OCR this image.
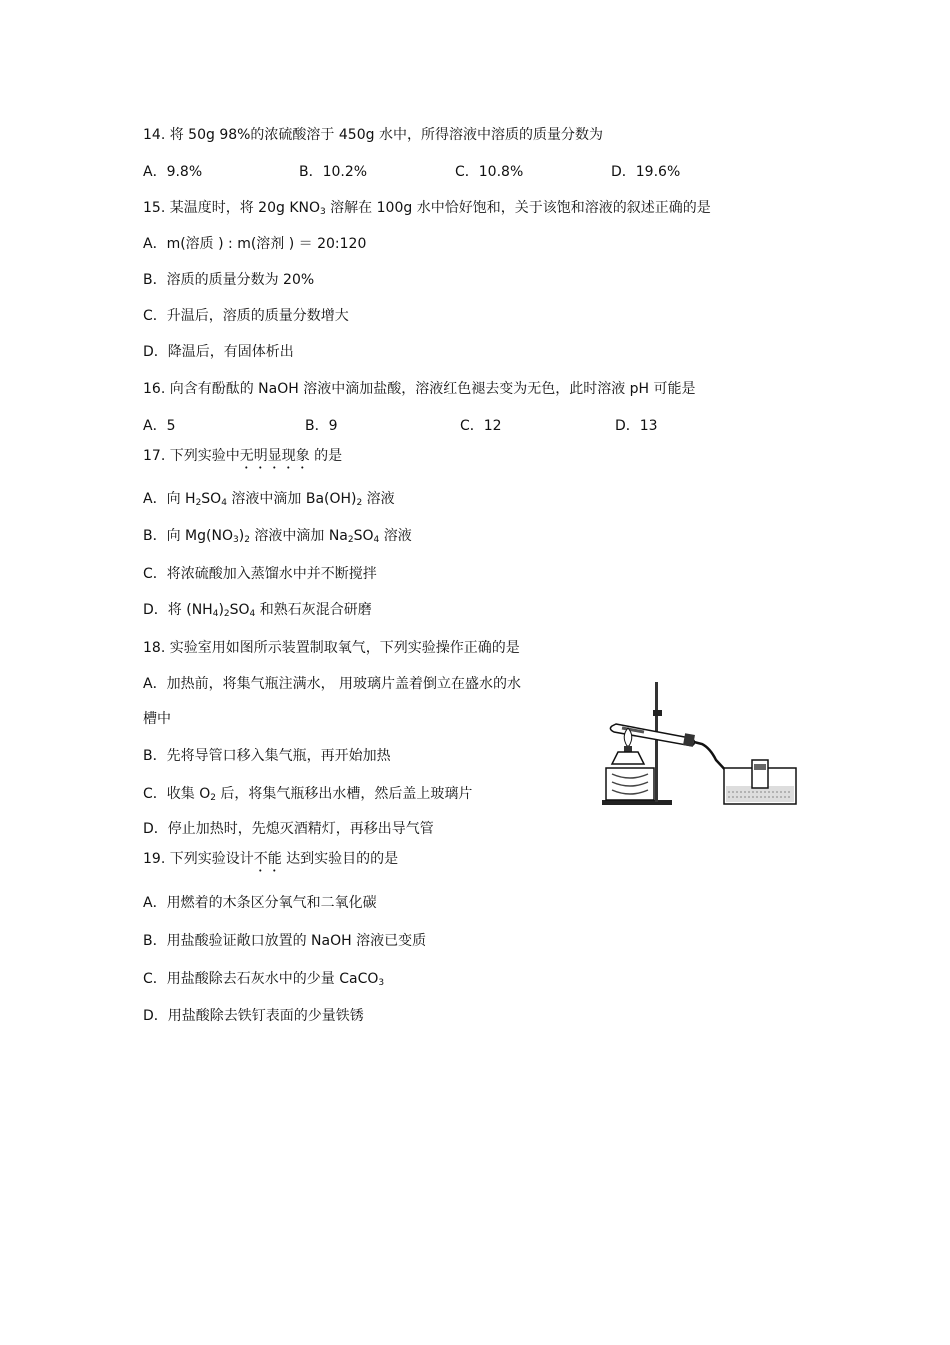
14. 将 50g 98%的浓硫酸溶于 450g 水中，所得溶液中溶质的质量分数为
A．9.8%	B．10.2%	C．10.8%	D．19.6%
15. 某温度时，将 20g $KNO_3$ 溶解在 100g 水中恰好饱和，关于该饱和溶液的叙述正确的是
A．m(溶质 ) : m(溶剂 ) ＝ 20:120
B．溶质的质量分数为 20%
C．升温后，溶质的质量分数增大
D．降温后，有固体析出
16. 向含有酚酞的 NaOH 溶液中滴加盐酸，溶液红色褪去变为无色，此时溶液 pH 可能是
A．5	B．9	C．12	D．13
17. 下列实验中无明显现象 的是
A．向 $H_2SO_4$ 溶液中滴加 $Ba(OH)_2$ 溶液
B．向 $Mg(NO_3)_2$ 溶液中滴加 $Na_2SO_4$ 溶液
C．将浓硫酸加入蒸馏水中并不断搅拌
D．将 $(NH_4)_2SO_4$ 和熟石灰混合研磨
18. 实验室用如图所示装置制取氧气，下列实验操作正确的是
A．加热前，将集气瓶注满水， 用玻璃片盖着倒立在盛水的水
槽中
B．先将导管口移入集气瓶，再开始加热
C．收集 $O_2$ 后，将集气瓶移出水槽，然后盖上玻璃片
D．停止加热时，先熄灭酒精灯，再移出导气管
19. 下列实验设计不能 达到实验目的的是
A．用燃着的木条区分氧气和二氧化碳
B．用盐酸验证敞口放置的 NaOH 溶液已变质
C．用盐酸除去石灰水中的少量 CaCO$_3$
D．用盐酸除去铁钉表面的少量铁锈
